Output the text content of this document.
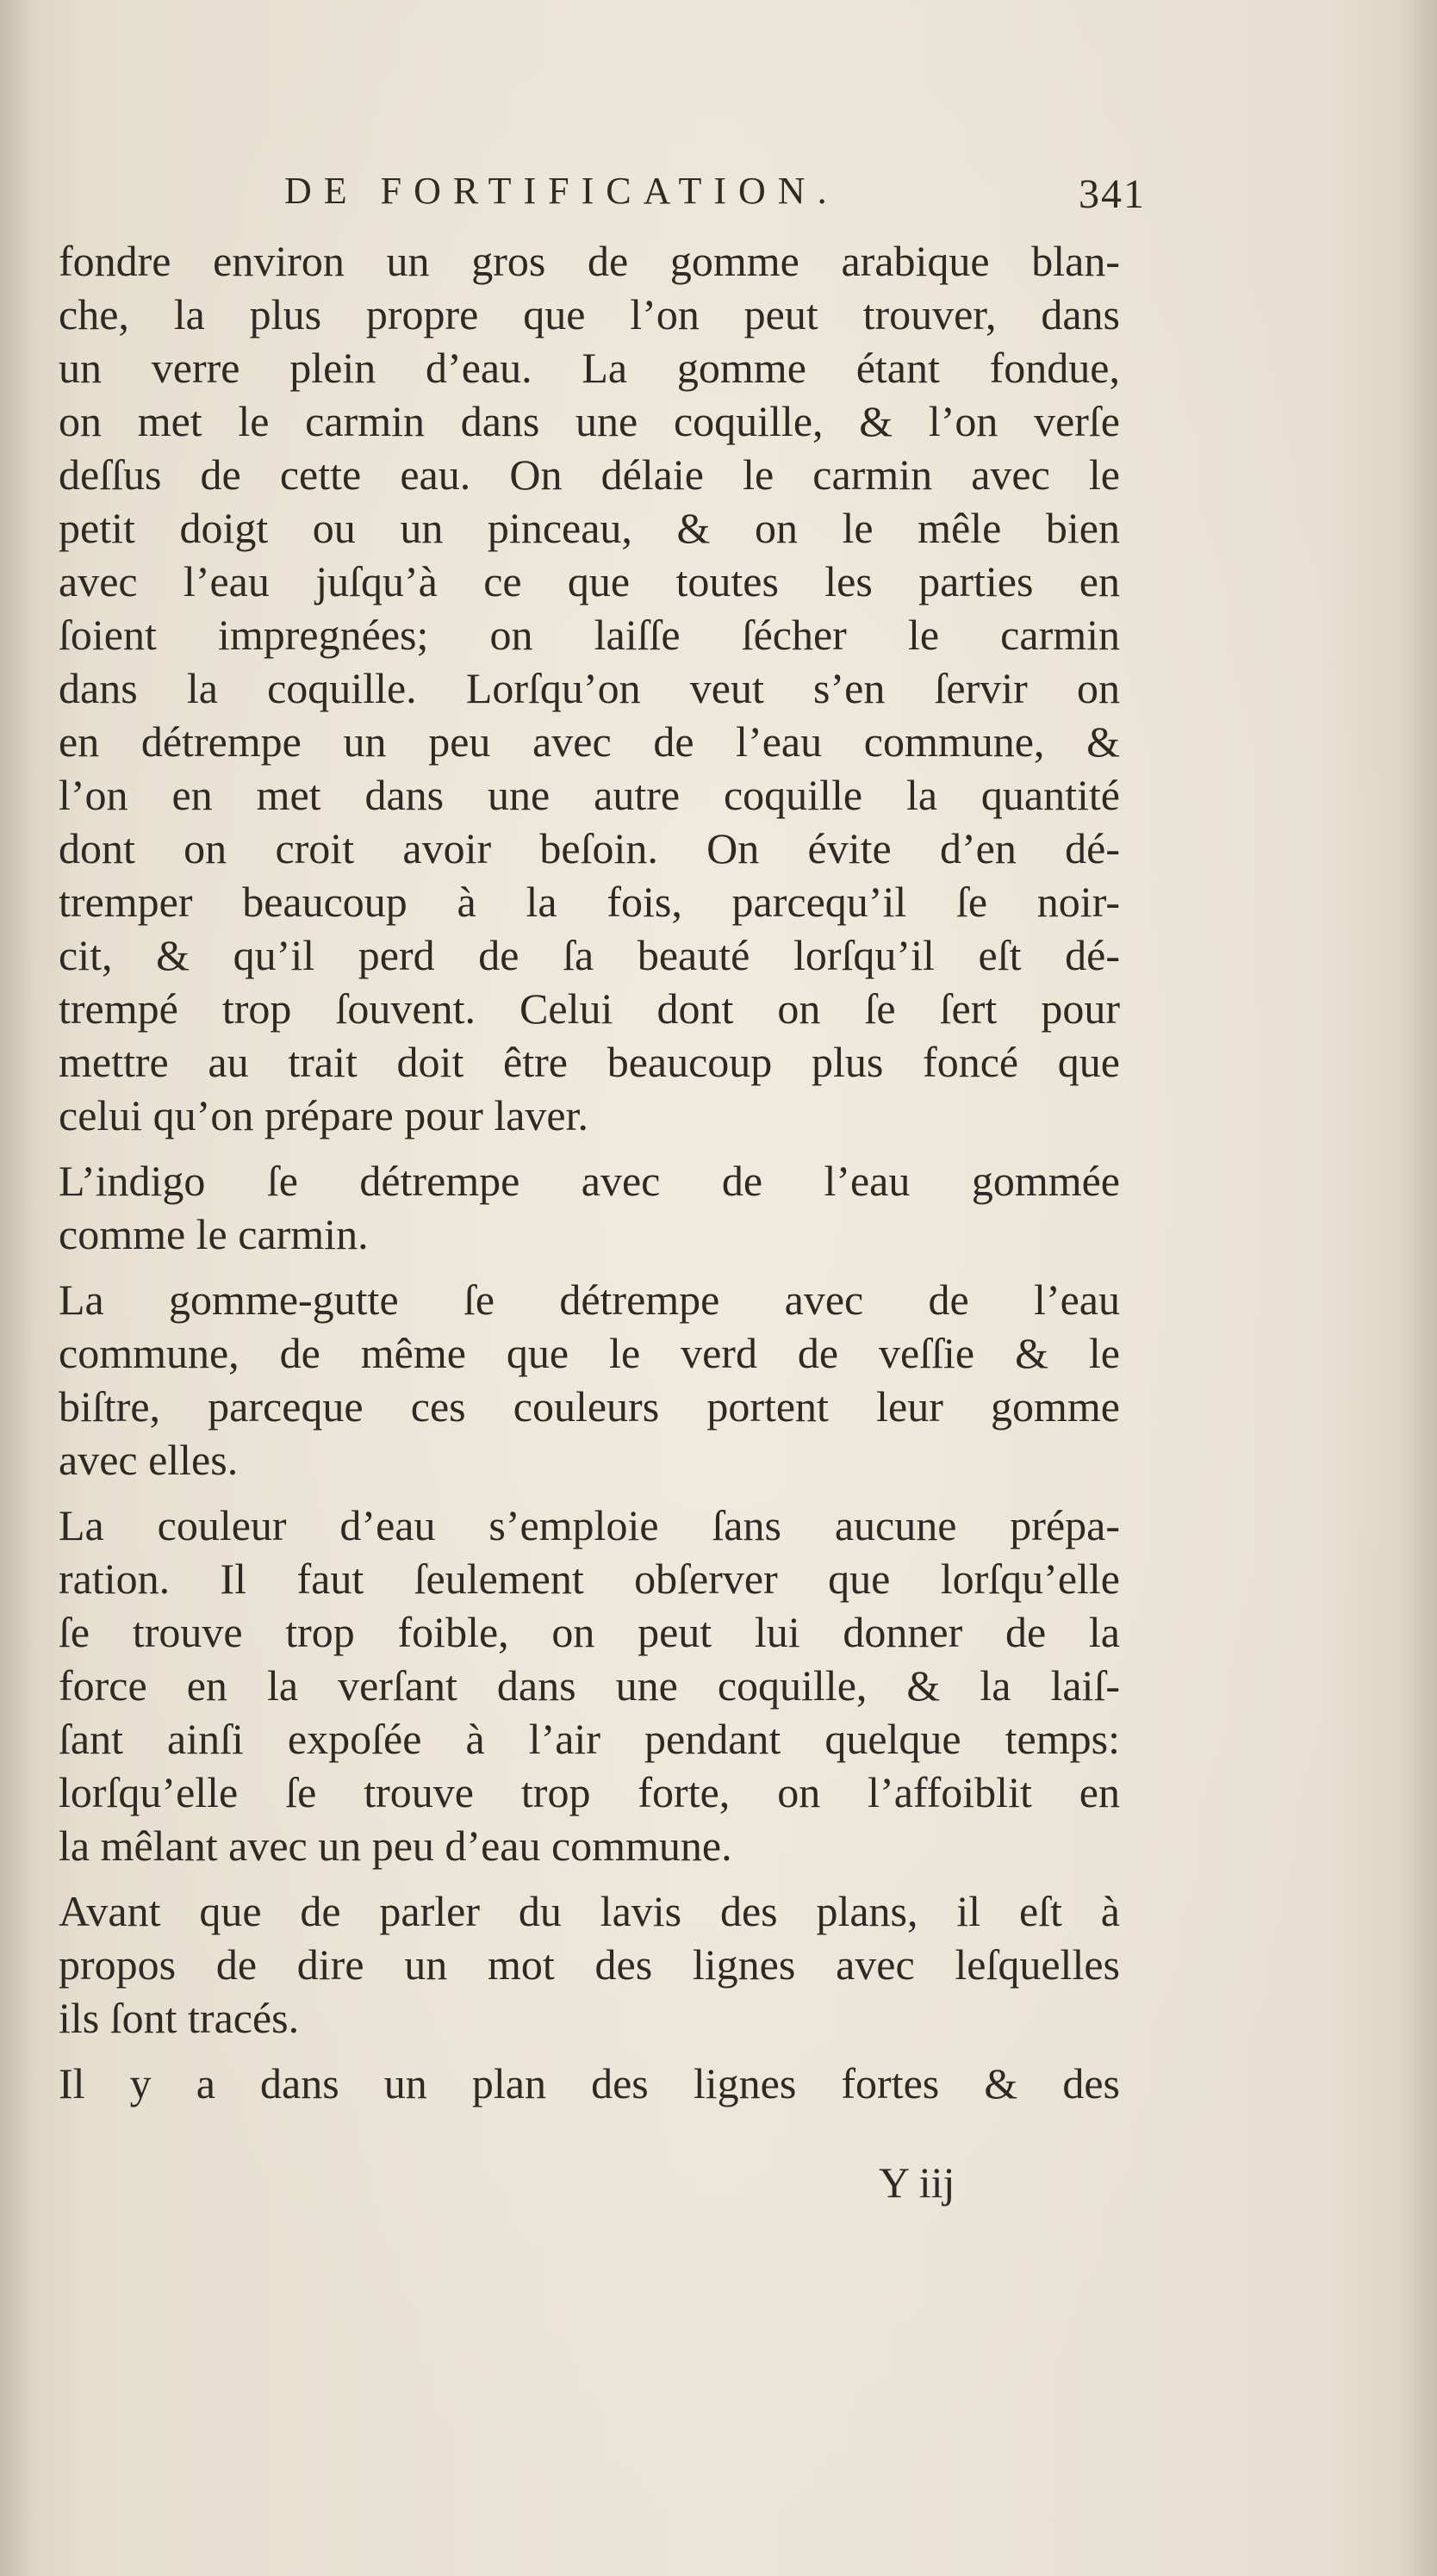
DE FORTIFICATION.	341
fondre environ un gros de gomme arabique blan-
che, la plus propre que l’on peut trouver, dans
un verre plein d’eau. La gomme étant fondue,
on met le carmin dans une coquille, & l’on verſe
deſſus de cette eau. On délaie le carmin avec le
petit doigt ou un pinceau, & on le mêle bien
avec l’eau juſqu’à ce que toutes les parties en
ſoient impregnées; on laiſſe ſécher le carmin
dans la coquille. Lorſqu’on veut s’en ſervir on
en détrempe un peu avec de l’eau commune, &
l’on en met dans une autre coquille la quantité
dont on croit avoir beſoin. On évite d’en dé-
tremper beaucoup à la fois, parcequ’il ſe noir-
cit, & qu’il perd de ſa beauté lorſqu’il eſt dé-
trempé trop ſouvent. Celui dont on ſe ſert pour
mettre au trait doit être beaucoup plus foncé que
celui qu’on prépare pour laver.
L’indigo ſe détrempe avec de l’eau gommée
comme le carmin.
La gomme-gutte ſe détrempe avec de l’eau
commune, de même que le verd de veſſie & le
biſtre, parceque ces couleurs portent leur gomme
avec elles.
La couleur d’eau s’emploie ſans aucune prépa-
ration. Il faut ſeulement obſerver que lorſqu’elle
ſe trouve trop foible, on peut lui donner de la
force en la verſant dans une coquille, & la laiſ-
ſant ainſi expoſée à l’air pendant quelque temps:
lorſqu’elle ſe trouve trop forte, on l’affoiblit en
la mêlant avec un peu d’eau commune.
Avant que de parler du lavis des plans, il eſt à
propos de dire un mot des lignes avec leſquelles
ils ſont tracés.
Il y a dans un plan des lignes fortes & des
Y iij
